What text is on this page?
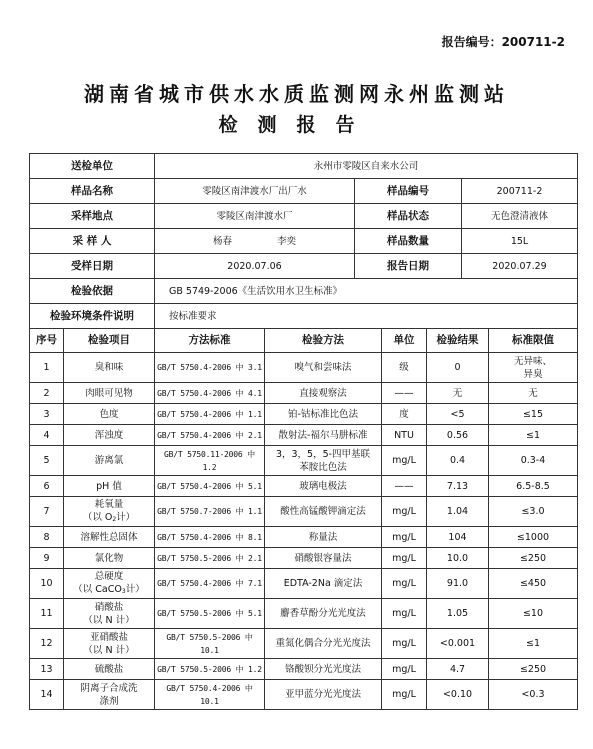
报告编号：200711-2
湖南省城市供水水质监测网永州监测站
检测报告
送检单位	永州市零陵区自来水公司		
样品名称	零陵区南津渡水厂出厂水	样品编号	200711-2
采样地点	零陵区南津渡水厂	样品状态	无色澄清液体
采 样 人	杨春 李奕	样品数量	15L
受样日期	2020.07.06	报告日期	2020.07.29
检验依据	GB 5749-2006《生活饮用水卫生标准》		
检验环境条件说明	按标准要求		
序号	检验项目	方法标准	检验方法	单位	检验结果	标准限值
1	臭和味	GB/T 5750.4-2006 中 3.1	嗅气和尝味法	级	0	无异味、
异臭
2	肉眼可见物	GB/T 5750.4-2006 中 4.1	直接观察法	——	无	无
3	色度	GB/T 5750.4-2006 中 1.1	铂-钴标准比色法	度	<5	≤15
4	浑浊度	GB/T 5750.4-2006 中 2.1	散射法-福尔马肼标准	NTU	0.56	≤1
5	游离氯	GB/T 5750.11-2006 中 1.2	3，3，5，5-四甲基联
苯胺比色法	mg/L	0.4	0.3-4
6	pH 值	GB/T 5750.4-2006 中 5.1	玻璃电极法	——	7.13	6.5-8.5
7	耗氧量
（以 O2计）	GB/T 5750.7-2006 中 1.1	酸性高锰酸钾滴定法	mg/L	1.04	≤3.0
8	溶解性总固体	GB/T 5750.4-2006 中 8.1	称量法	mg/L	104	≤1000
9	氯化物	GB/T 5750.5-2006 中 2.1	硝酸银容量法	mg/L	10.0	≤250
10	总硬度
（以 CaCO3计）	GB/T 5750.4-2006 中 7.1	EDTA-2Na 滴定法	mg/L	91.0	≤450
11	硝酸盐
（以 N 计）	GB/T 5750.5-2006 中 5.1	麝香草酚分光光度法	mg/L	1.05	≤10
12	亚硝酸盐
（以 N 计）	GB/T 5750.5-2006 中 10.1	重氮化偶合分光光度法	mg/L	<0.001	≤1
13	硫酸盐	GB/T 5750.5-2006 中 1.2	铬酸钡分光光度法	mg/L	4.7	≤250
14	阴离子合成洗
涤剂	GB/T 5750.4-2006 中 10.1	亚甲蓝分光光度法	mg/L	<0.10	<0.3
